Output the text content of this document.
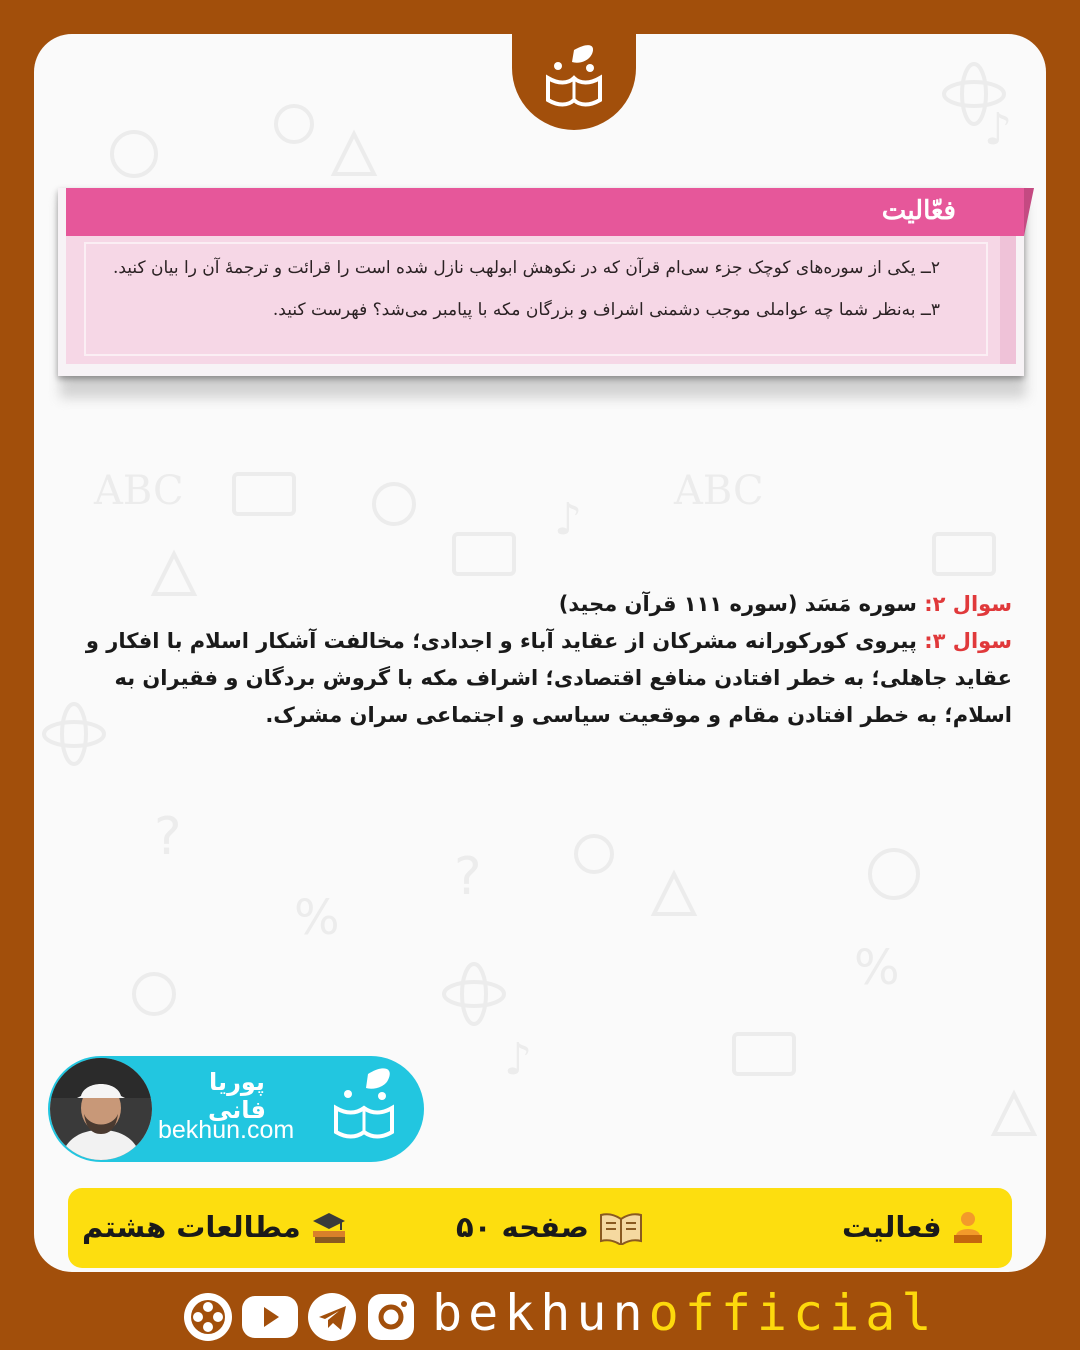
ABC	ABC
%
%
?
?
♪
♪
♪
فعّالیت
۲ــ یکی از سوره‌های کوچک جزء سی‌ام قرآن که در نکوهش ابولهب نازل شده است را قرائت و ترجمهٔ آن را بیان کنید.
۳ــ به‌نظر شما چه عواملی موجب دشمنی اشراف و بزرگان مکه با پیامبر می‌شد؟ فهرست کنید.

سوال ۲: سوره مَسَد (سوره ۱۱۱ قرآن مجید)

سوال ۳: پیروی کورکورانه مشرکان از عقاید آباء و اجدادی؛ مخالفت آشکار اسلام با افکار و عقاید جاهلی؛ به خطر افتادن منافع اقتصادی؛ اشراف مکه با گروش بردگان و فقیران به اسلام؛ به خطر افتادن مقام و موقعیت سیاسی و اجتماعی سران مشرک.

پوریا فانی
bekhun.com
فعالیت
صفحه ۵۰
مطالعات هشتم
bekhunofficial
